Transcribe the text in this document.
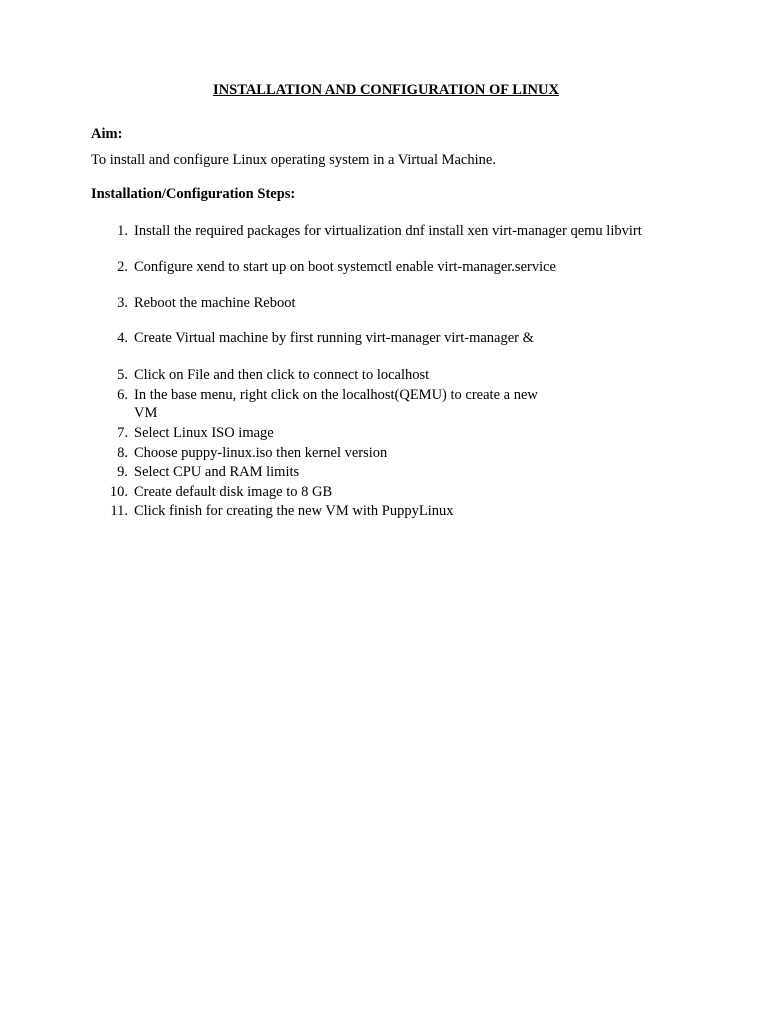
INSTALLATION AND CONFIGURATION OF LINUX

Aim:

To install and configure Linux operating system in a Virtual Machine.

Installation/Configuration Steps:

1. Install the required packages for virtualization dnf install xen virt-manager qemu libvirt
2. Configure xend to start up on boot systemctl enable virt-manager.service
3. Reboot the machine Reboot
4. Create Virtual machine by first running virt-manager virt-manager &
5. Click on File and then click to connect to localhost
6. In the base menu, right click on the localhost(QEMU) to create a new VM
7. Select Linux ISO image
8. Choose puppy-linux.iso then kernel version
9. Select CPU and RAM limits
10. Create default disk image to 8 GB
11. Click finish for creating the new VM with PuppyLinux
